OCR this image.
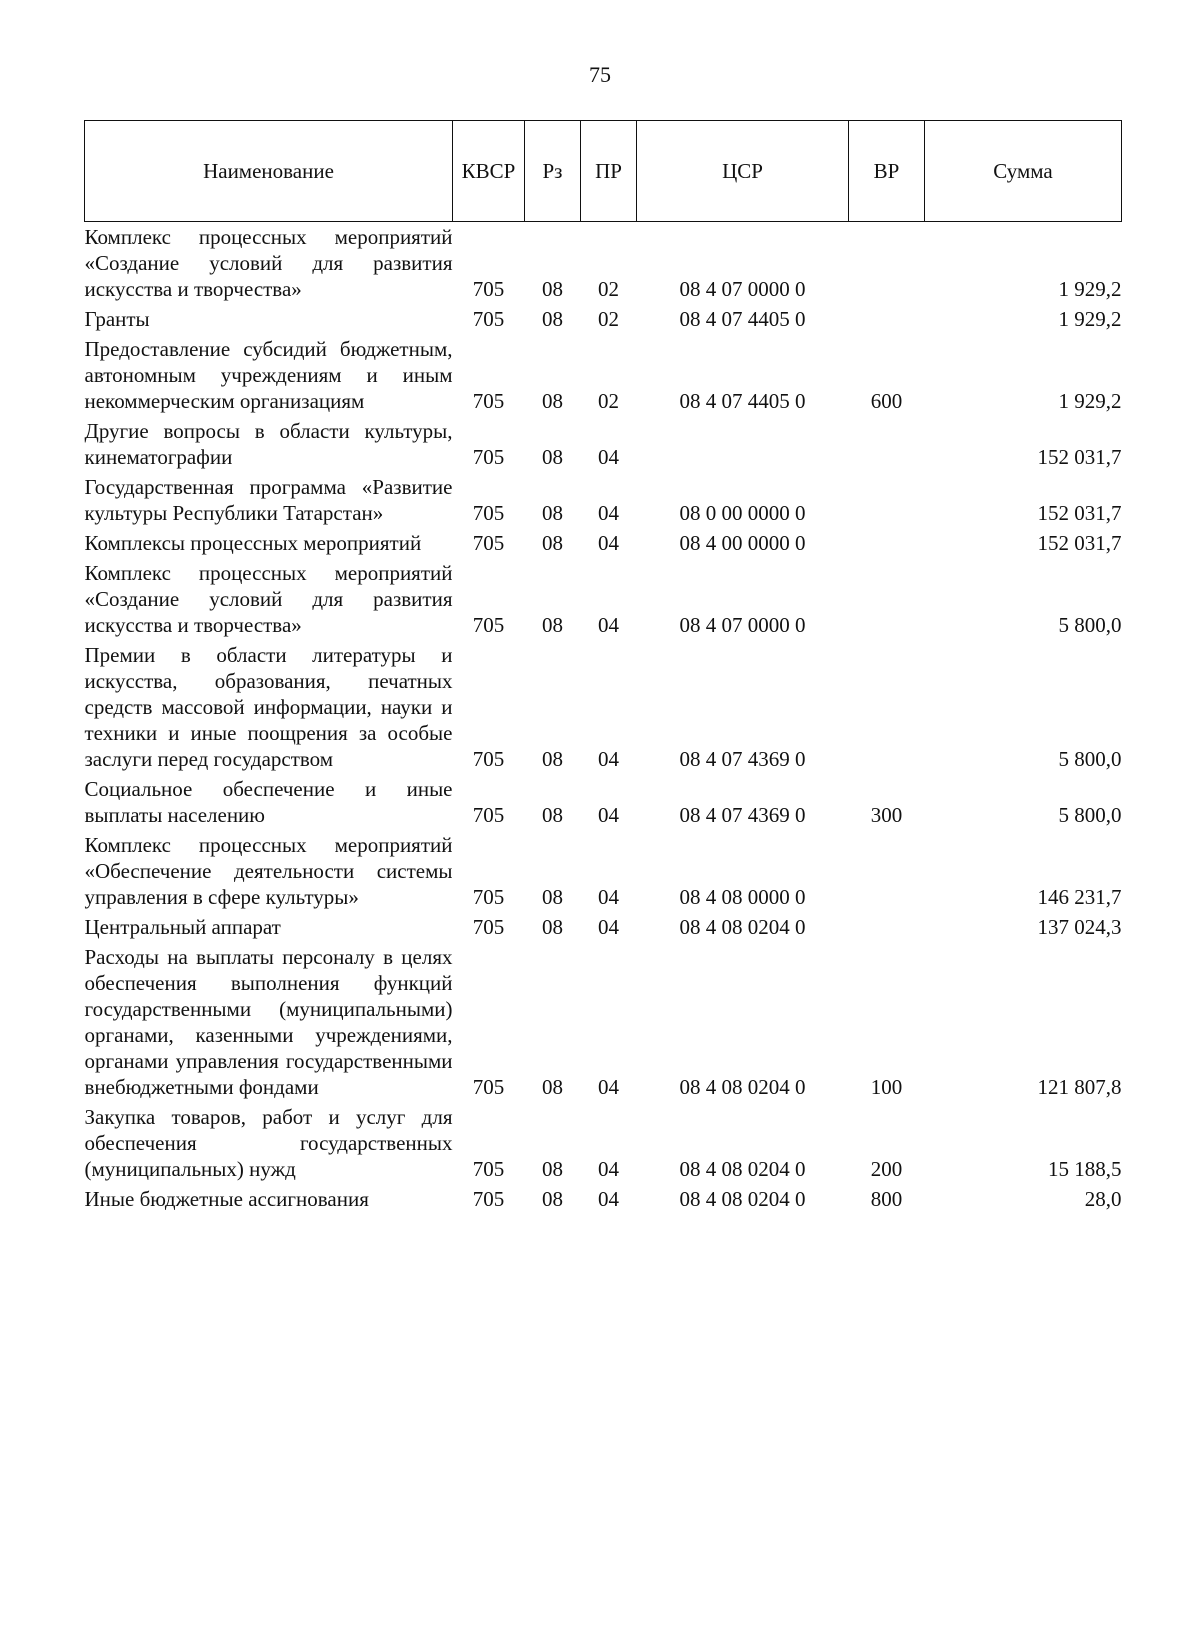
75
Наименование	КВСР	Рз	ПР	ЦСР	ВР	Сумма
Комплекс процессных мероприятий «Создание условий для развития искусства и творчества»	705	08	02	08 4 07 0000 0		1 929,2
Гранты	705	08	02	08 4 07 4405 0		1 929,2
Предоставление субсидий бюджетным, автономным учреждениям и иным некоммерческим организациям	705	08	02	08 4 07 4405 0	600	1 929,2
Другие вопросы в области культуры, кинематографии	705	08	04			152 031,7
Государственная программа «Развитие культуры Республики Татарстан»	705	08	04	08 0 00 0000 0		152 031,7
Комплексы процессных мероприятий	705	08	04	08 4 00 0000 0		152 031,7
Комплекс процессных мероприятий «Создание условий для развития искусства и творчества»	705	08	04	08 4 07 0000 0		5 800,0
Премии в области литературы и искусства, образования, печатных средств массовой информации, науки и техники и иные поощрения за особые заслуги перед государством	705	08	04	08 4 07 4369 0		5 800,0
Социальное обеспечение и иные выплаты населению	705	08	04	08 4 07 4369 0	300	5 800,0
Комплекс процессных мероприятий «Обеспечение деятельности системы управления в сфере культуры»	705	08	04	08 4 08 0000 0		146 231,7
Центральный аппарат	705	08	04	08 4 08 0204 0		137 024,3
Расходы на выплаты персоналу в целях обеспечения выполнения функций государственными (муниципальными) органами, казенными учреждениями, органами управления государственными внебюджетными фондами	705	08	04	08 4 08 0204 0	100	121 807,8
Закупка товаров, работ и услуг для обеспечения государственных (муниципальных) нужд	705	08	04	08 4 08 0204 0	200	15 188,5
Иные бюджетные ассигнования	705	08	04	08 4 08 0204 0	800	28,0
